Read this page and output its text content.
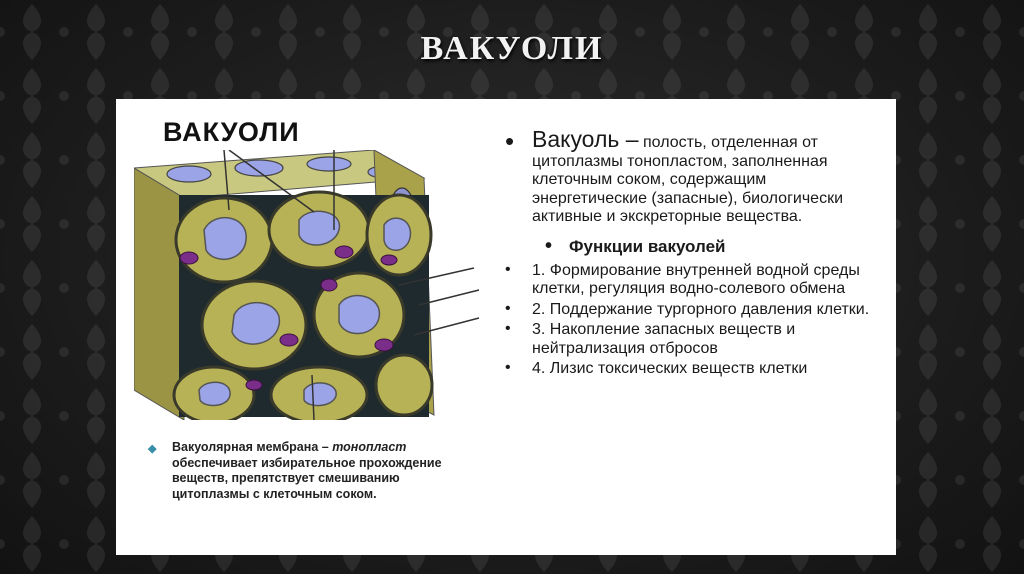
ВАКУОЛИ
ВАКУОЛИ
◆ Вакуолярная мембрана – тонопласт обеспечивает избирательное прохождение веществ, препятствует смешиванию цитоплазмы с клеточным соком.
• Вакуоль – полость, отделенная от цитоплазмы тонопластом, заполненная клеточным соком, содержащим энергетические (запасные), биологически активные и экскреторные вещества.
• Функции вакуолей
• 1. Формирование внутренней водной среды клетки, регуляция водно-солевого обмена
• 2. Поддержание тургорного давления клетки.
• 3. Накопление запасных веществ и нейтрализация отбросов
• 4. Лизис токсических веществ клетки
